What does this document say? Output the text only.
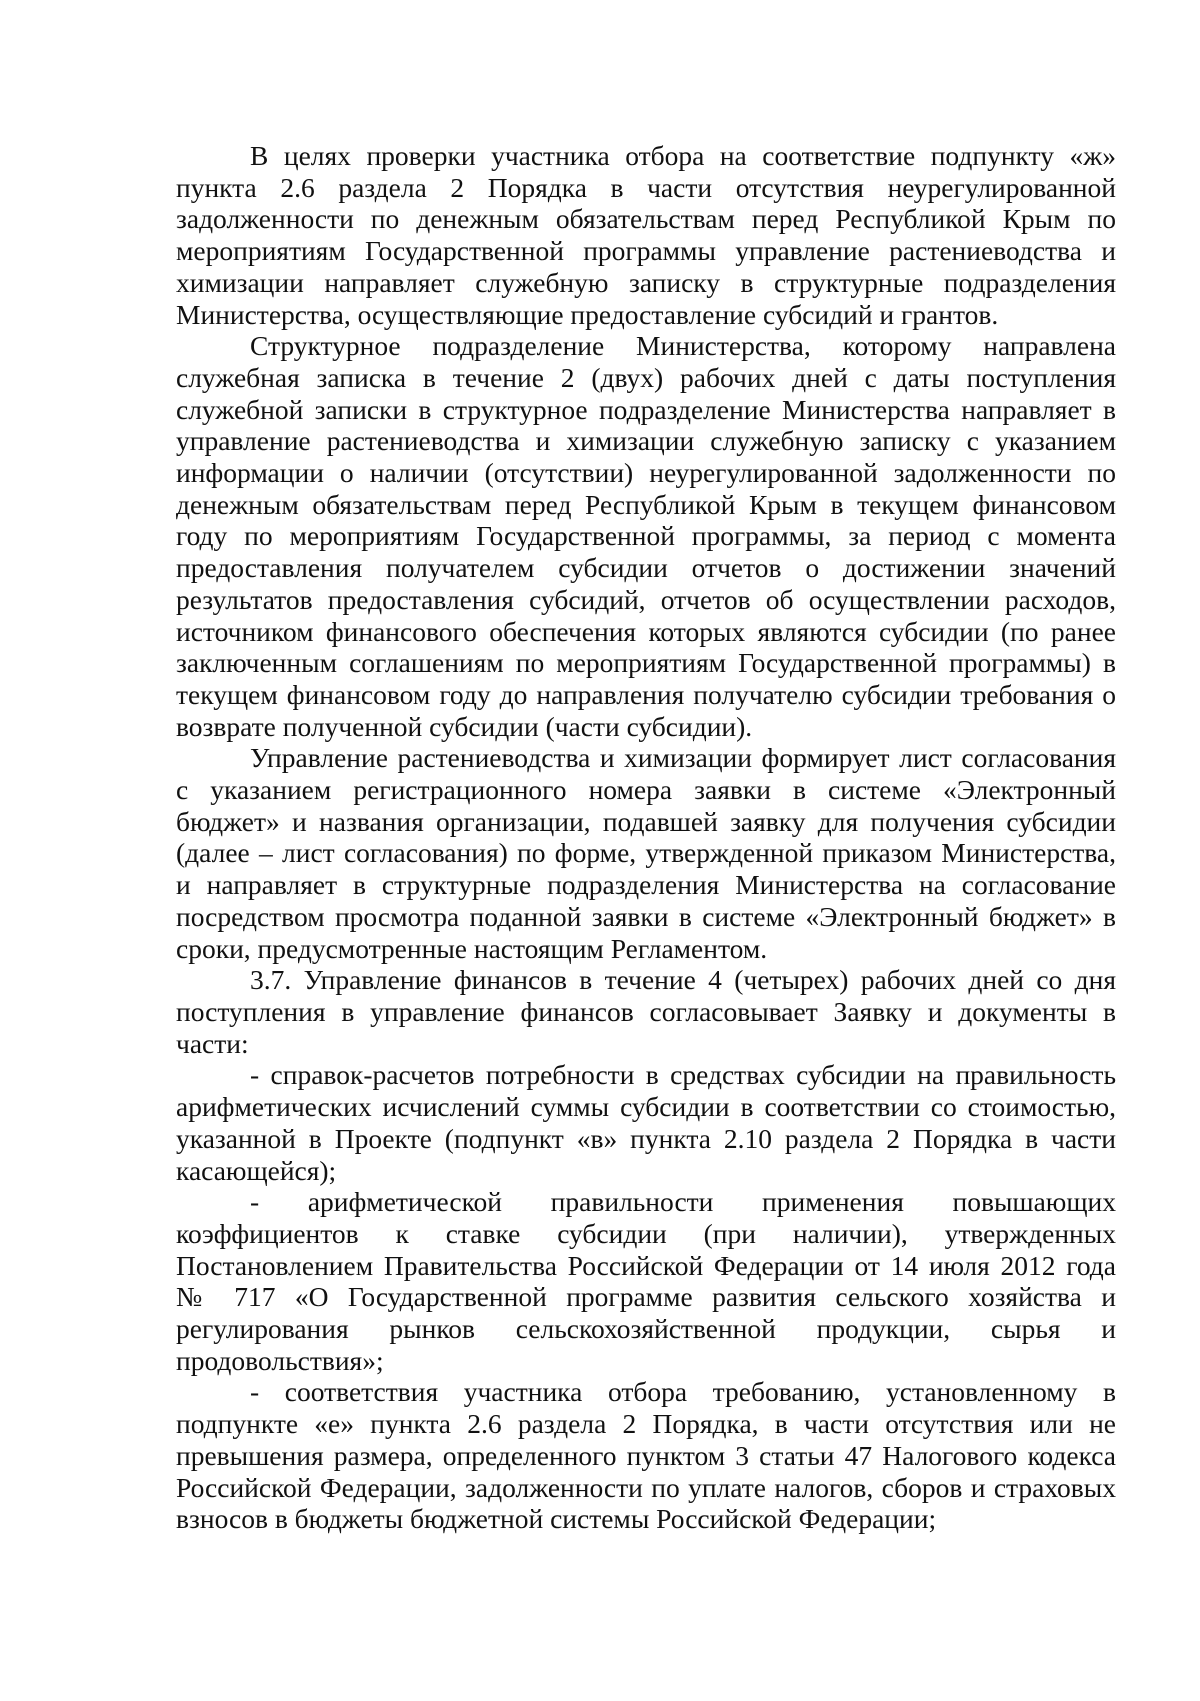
В целях проверки участника отбора на соответствие подпункту «ж» пункта 2.6 раздела 2 Порядка в части отсутствия неурегулированной задолженности по денежным обязательствам перед Республикой Крым по мероприятиям Государственной программы управление растениеводства и химизации направляет служебную записку в структурные подразделения Министерства, осуществляющие предоставление субсидий и грантов.

Структурное подразделение Министерства, которому направлена служебная записка в течение 2 (двух) рабочих дней с даты поступления служебной записки в структурное подразделение Министерства направляет в управление растениеводства и химизации служебную записку с указанием информации о наличии (отсутствии) неурегулированной задолженности по денежным обязательствам перед Республикой Крым в текущем финансовом году по мероприятиям Государственной программы, за период с момента предоставления получателем субсидии отчетов о достижении значений результатов предоставления субсидий, отчетов об осуществлении расходов, источником финансового обеспечения которых являются субсидии (по ранее заключенным соглашениям по мероприятиям Государственной программы) в текущем финансовом году до направления получателю субсидии требования о возврате полученной субсидии (части субсидии).

Управление растениеводства и химизации формирует лист согласования с указанием регистрационного номера заявки в системе «Электронный бюджет» и названия организации, подавшей заявку для получения субсидии (далее – лист согласования) по форме, утвержденной приказом Министерства, и направляет в структурные подразделения Министерства на согласование посредством просмотра поданной заявки в системе «Электронный бюджет» в сроки, предусмотренные настоящим Регламентом.

3.7. Управление финансов в течение 4 (четырех) рабочих дней со дня поступления в управление финансов согласовывает Заявку и документы в части:

- справок-расчетов потребности в средствах субсидии на правильность арифметических исчислений суммы субсидии в соответствии со стоимостью, указанной в Проекте (подпункт «в» пункта 2.10 раздела 2 Порядка в части касающейся);

- арифметической правильности применения повышающих коэффициентов к ставке субсидии (при наличии), утвержденных Постановлением Правительства Российской Федерации от 14 июля 2012 года № 717 «О Государственной программе развития сельского хозяйства и регулирования рынков сельскохозяйственной продукции, сырья и продовольствия»;

- соответствия участника отбора требованию, установленному в подпункте «е» пункта 2.6 раздела 2 Порядка, в части отсутствия или не превышения размера, определенного пунктом 3 статьи 47 Налогового кодекса Российской Федерации, задолженности по уплате налогов, сборов и страховых взносов в бюджеты бюджетной системы Российской Федерации;
